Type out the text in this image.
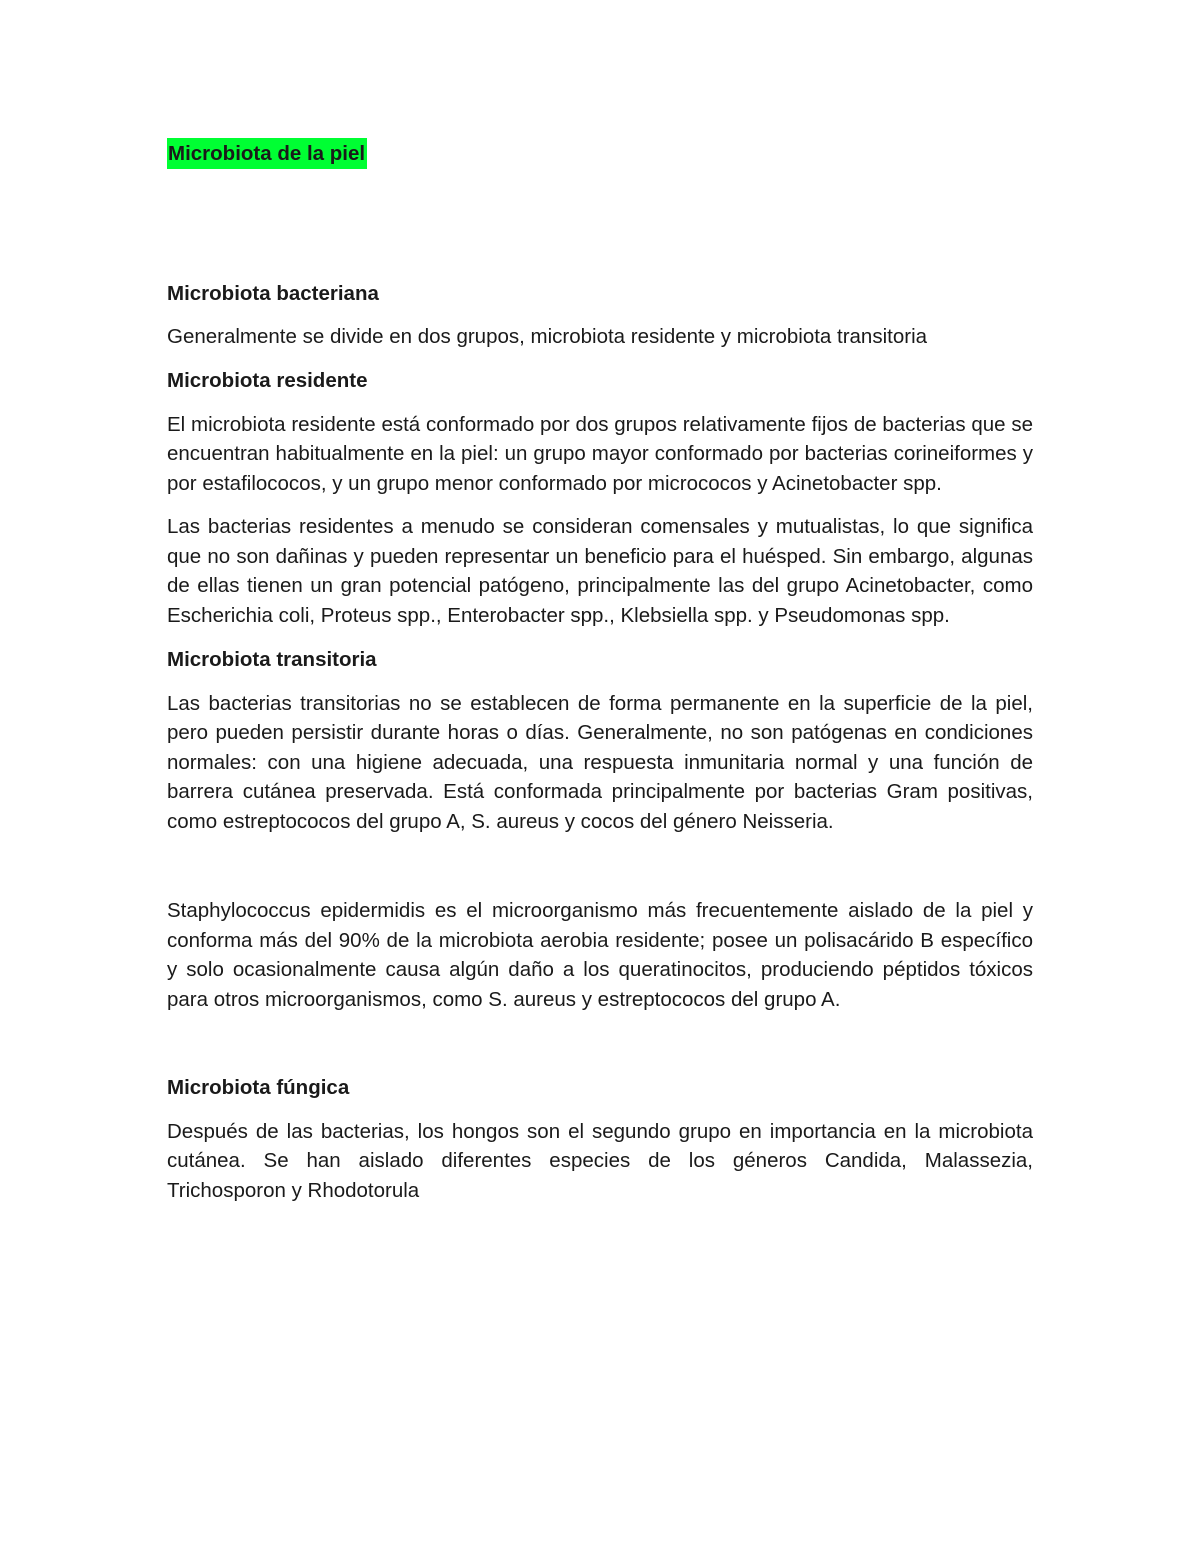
Microbiota de la piel

Microbiota bacteriana

Generalmente se divide en dos grupos, microbiota residente y microbiota transitoria

Microbiota residente

El microbiota residente está conformado por dos grupos relativamente fijos de bacterias que se encuentran habitualmente en la piel: un grupo mayor conformado por bacterias corineiformes y por estafilococos, y un grupo menor conformado por micrococos y Acinetobacter spp.

Las bacterias residentes a menudo se consideran comensales y mutualistas, lo que significa que no son dañinas y pueden representar un beneficio para el huésped. Sin embargo, algunas de ellas tienen un gran potencial patógeno, principalmente las del grupo Acinetobacter, como Escherichia coli, Proteus spp., Enterobacter spp., Klebsiella spp. y Pseudomonas spp.

Microbiota transitoria

Las bacterias transitorias no se establecen de forma permanente en la superficie de la piel, pero pueden persistir durante horas o días. Generalmente, no son patógenas en condiciones normales: con una higiene adecuada, una respuesta inmunitaria normal y una función de barrera cutánea preservada. Está conformada principalmente por bacterias Gram positivas, como estreptococos del grupo A, S. aureus y cocos del género Neisseria.

Staphylococcus epidermidis es el microorganismo más frecuentemente aislado de la piel y conforma más del 90% de la microbiota aerobia residente; posee un polisacárido B específico y solo ocasionalmente causa algún daño a los queratinocitos, produciendo péptidos tóxicos para otros microorganismos, como S. aureus y estreptococos del grupo A.

Microbiota fúngica

Después de las bacterias, los hongos son el segundo grupo en importancia en la microbiota cutánea. Se han aislado diferentes especies de los géneros Candida, Malassezia, Trichosporon y Rhodotorula
